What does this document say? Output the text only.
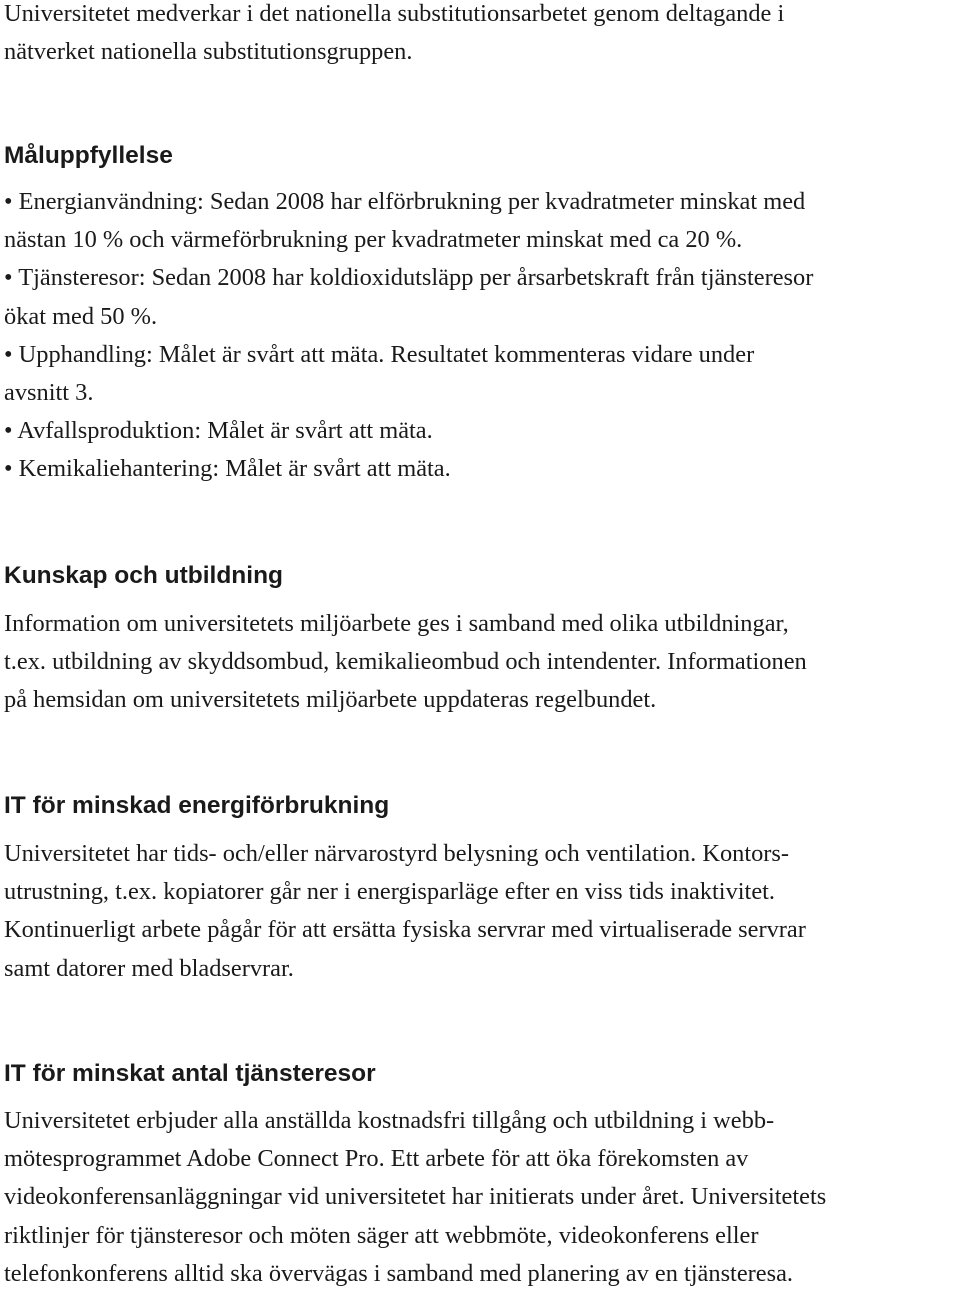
Universitetet medverkar i det nationella substitutionsarbetet genom deltagande i
nätverket nationella substitutionsgruppen.
Måluppfyllelse
• Energianvändning: Sedan 2008 har elförbrukning per kvadratmeter minskat med
nästan 10 % och värmeförbrukning per kvadratmeter minskat med ca 20 %.
• Tjänsteresor: Sedan 2008 har koldioxidutsläpp per årsarbetskraft från tjänsteresor
ökat med 50 %.
• Upphandling: Målet är svårt att mäta. Resultatet kommenteras vidare under
avsnitt 3.
• Avfallsproduktion: Målet är svårt att mäta.
• Kemikaliehantering: Målet är svårt att mäta.
Kunskap och utbildning
Information om universitetets miljöarbete ges i samband med olika utbildningar,
t.ex. utbildning av skyddsombud, kemikalieombud och intendenter. Informationen
på hemsidan om universitetets miljöarbete uppdateras regelbundet.
IT för minskad energiförbrukning
Universitetet har tids- och/eller närvarostyrd belysning och ventilation. Kontors-
utrustning, t.ex. kopiatorer går ner i energisparläge efter en viss tids inaktivitet.
Kontinuerligt arbete pågår för att ersätta fysiska servrar med virtualiserade servrar
samt datorer med bladservrar.
IT för minskat antal tjänsteresor
Universitetet erbjuder alla anställda kostnadsfri tillgång och utbildning i webb-
mötesprogrammet Adobe Connect Pro. Ett arbete för att öka förekomsten av
videokonferensanläggningar vid universitetet har initierats under året. Universitetets
riktlinjer för tjänsteresor och möten säger att webbmöte, videokonferens eller
telefonkonferens alltid ska övervägas i samband med planering av en tjänsteresa.
